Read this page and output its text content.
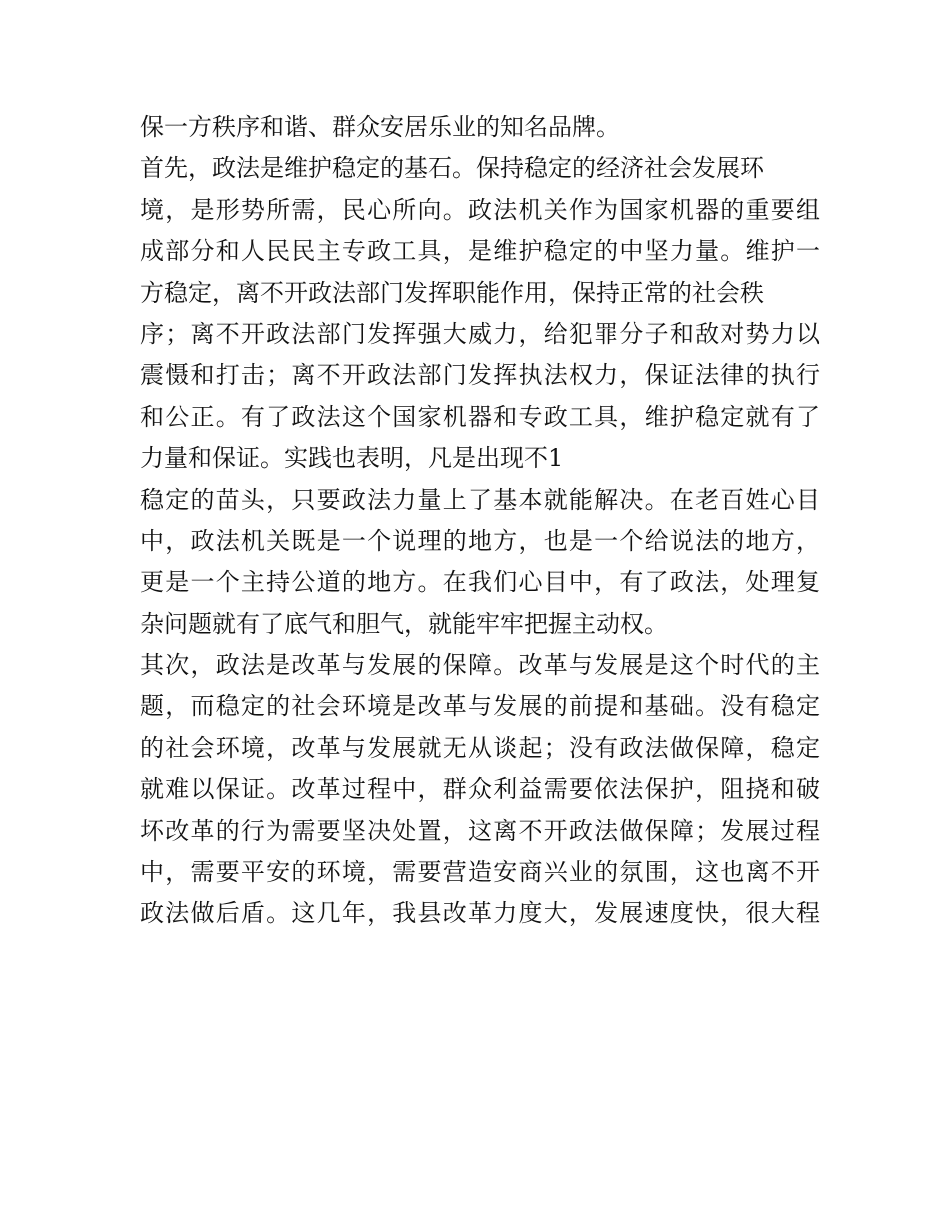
保一方秩序和谐、群众安居乐业的知名品牌。
首先，政法是维护稳定的基石。保持稳定的经济社会发展环
境，是形势所需，民心所向。政法机关作为国家机器的重要组
成部分和人民民主专政工具，是维护稳定的中坚力量。维护一
方稳定，离不开政法部门发挥职能作用，保持正常的社会秩
序；离不开政法部门发挥强大威力，给犯罪分子和敌对势力以
震慑和打击；离不开政法部门发挥执法权力，保证法律的执行
和公正。有了政法这个国家机器和专政工具，维护稳定就有了
力量和保证。实践也表明，凡是出现不1
稳定的苗头，只要政法力量上了基本就能解决。在老百姓心目
中，政法机关既是一个说理的地方，也是一个给说法的地方，
更是一个主持公道的地方。在我们心目中，有了政法，处理复
杂问题就有了底气和胆气，就能牢牢把握主动权。
其次，政法是改革与发展的保障。改革与发展是这个时代的主
题，而稳定的社会环境是改革与发展的前提和基础。没有稳定
的社会环境，改革与发展就无从谈起；没有政法做保障，稳定
就难以保证。改革过程中，群众利益需要依法保护，阻挠和破
坏改革的行为需要坚决处置，这离不开政法做保障；发展过程
中，需要平安的环境，需要营造安商兴业的氛围，这也离不开
政法做后盾。这几年，我县改革力度大，发展速度快，很大程
